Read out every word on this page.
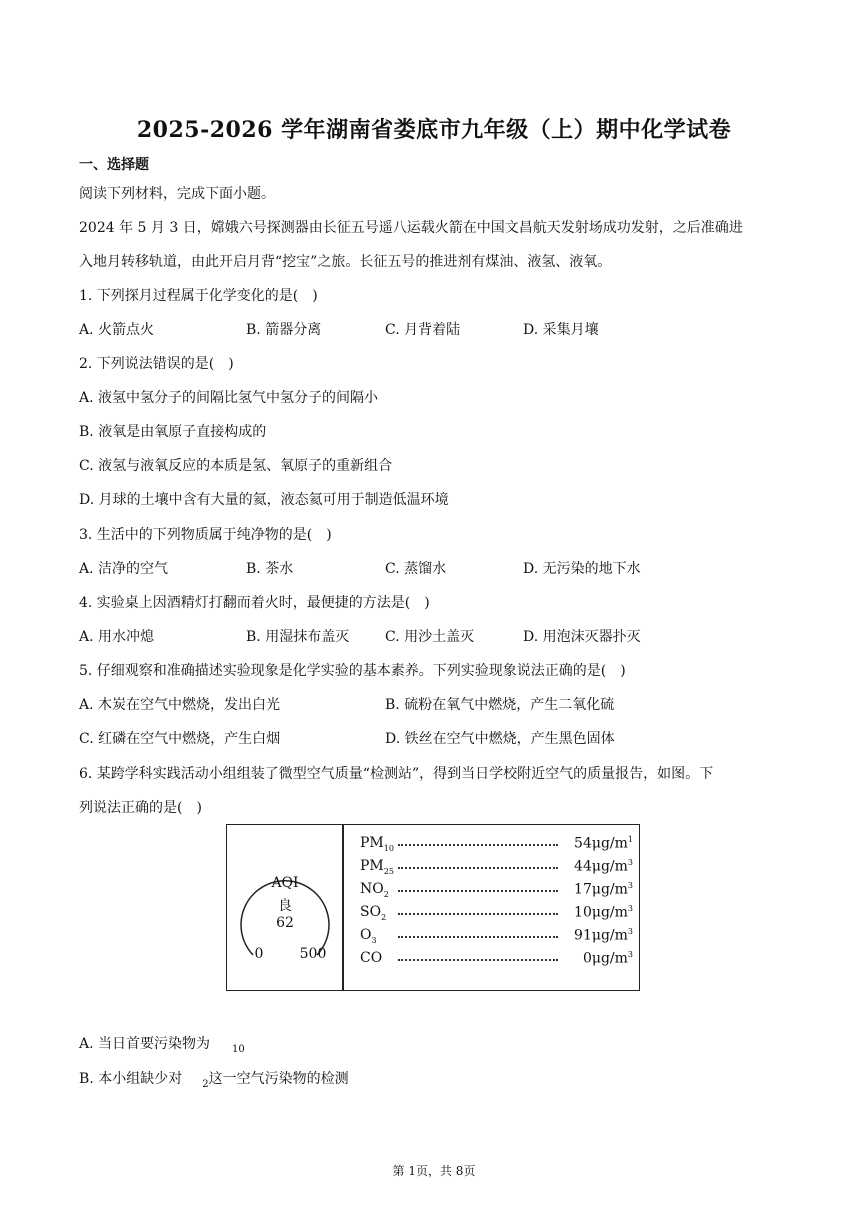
2025-2026 学年湖南省娄底市九年级（上）期中化学试卷
一、选择题
阅读下列材料，完成下面小题。
2024 年 5 月 3 日，嫦娥六号探测器由长征五号遥八运载火箭在中国文昌航天发射场成功发射，之后准确进
入地月转移轨道，由此开启月背“挖宝”之旅。长征五号的推进剂有煤油、液氢、液氧。
1. 下列探月过程属于化学变化的是(　)
A. 火箭点火	B. 箭器分离	C. 月背着陆	D. 采集月壤
2. 下列说法错误的是(　)
A. 液氢中氢分子的间隔比氢气中氢分子的间隔小
B. 液氧是由氧原子直接构成的
C. 液氢与液氧反应的本质是氢、氧原子的重新组合
D. 月球的土壤中含有大量的氦，液态氦可用于制造低温环境
3. 生活中的下列物质属于纯净物的是(　)
A. 洁净的空气	B. 茶水	C. 蒸馏水	D. 无污染的地下水
4. 实验桌上因酒精灯打翻而着火时，最便捷的方法是(　)
A. 用水冲熄	B. 用湿抹布盖灭	C. 用沙土盖灭	D. 用泡沫灭器扑灭
5. 仔细观察和准确描述实验现象是化学实验的基本素养。下列实验现象说法正确的是(　)
A. 木炭在空气中燃烧，发出白光	B. 硫粉在氧气中燃烧，产生二氧化硫
C. 红磷在空气中燃烧，产生白烟	D. 铁丝在空气中燃烧，产生黑色固体
6. 某跨学科实践活动小组组装了微型空气质量“检测站”，得到当日学校附近空气的质量报告，如图。下
列说法正确的是(　)
AQI
良
62
0	500
$PM_{10}$	$54\mu g/m^1$
$PM_{25}$	$44\mu g/m^3$
$NO_2$	$17\mu g/m^3$
$SO_2$	$10\mu g/m^3$
$O_3$	$91\mu g/m^3$
CO	$0\mu g/m^3$
A. 当日首要污染物为 $_{10}$
B. 本小组缺少对 $_2$这一空气污染物的检测
第 1页，共 8页
